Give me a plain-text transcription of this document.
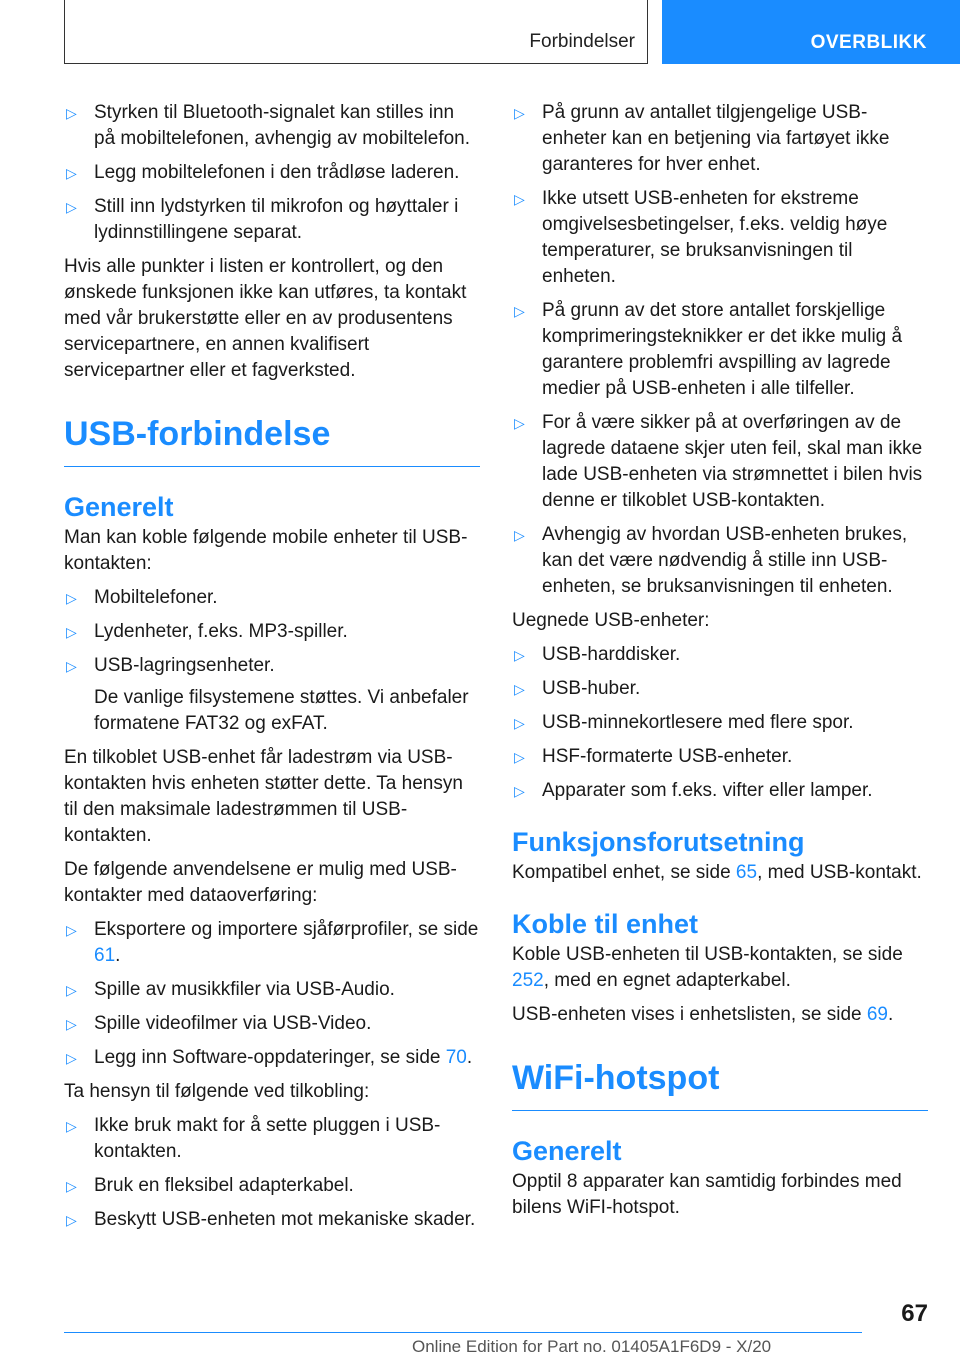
Forbindelser	OVERBLIKK
▷ Styrken til Bluetooth-signalet kan stilles inn på mobiltelefonen, avhengig av mobiltelefon.
▷ Legg mobiltelefonen i den trådløse laderen.
▷ Still inn lydstyrken til mikrofon og høyttaler i lydinnstillingene separat.

Hvis alle punkter i listen er kontrollert, og den ønskede funksjonen ikke kan utføres, ta kontakt med vår brukerstøtte eller en av produsentens servicepartnere, en annen kvalifisert servicepartner eller et fagverksted.

USB-forbindelse
Generelt

Man kan koble følgende mobile enheter til USB-kontakten:

▷ Mobiltelefoner.
▷ Lydenheter, f.eks. MP3-spiller.
▷ USB-lagringsenheter.
De vanlige filsystemene støttes. Vi anbefaler formatene FAT32 og exFAT.

En tilkoblet USB-enhet får ladestrøm via USB-kontakten hvis enheten støtter dette. Ta hensyn til den maksimale ladestrømmen til USB-kontakten.

De følgende anvendelsene er mulig med USB-kontakter med dataoverføring:

▷ Eksportere og importere sjåførprofiler, se side 61.
▷ Spille av musikkfiler via USB-Audio.
▷ Spille videofilmer via USB-Video.
▷ Legg inn Software-oppdateringer, se side 70.

Ta hensyn til følgende ved tilkobling:

▷ Ikke bruk makt for å sette pluggen i USB-kontakten.
▷ Bruk en fleksibel adapterkabel.
▷ Beskytt USB-enheten mot mekaniske skader.
▷ På grunn av antallet tilgjengelige USB-enheter kan en betjening via fartøyet ikke garanteres for hver enhet.
▷ Ikke utsett USB-enheten for ekstreme omgivelsesbetingelser, f.eks. veldig høye temperaturer, se bruksanvisningen til enheten.
▷ På grunn av det store antallet forskjellige komprimeringsteknikker er det ikke mulig å garantere problemfri avspilling av lagrede medier på USB-enheten i alle tilfeller.
▷ For å være sikker på at overføringen av de lagrede dataene skjer uten feil, skal man ikke lade USB-enheten via strømnettet i bilen hvis denne er tilkoblet USB-kontakten.
▷ Avhengig av hvordan USB-enheten brukes, kan det være nødvendig å stille inn USB-enheten, se bruksanvisningen til enheten.

Uegnede USB-enheter:

▷ USB-harddisker.
▷ USB-huber.
▷ USB-minnekortlesere med flere spor.
▷ HSF-formaterte USB-enheter.
▷ Apparater som f.eks. vifter eller lamper.
Funksjonsforutsetning

Kompatibel enhet, se side 65, med USB-kontakt.

Koble til enhet

Koble USB-enheten til USB-kontakten, se side 252, med en egnet adapterkabel.

USB-enheten vises i enhetslisten, se side 69.

WiFi-hotspot
Generelt

Opptil 8 apparater kan samtidig forbindes med bilens WiFI-hotspot.

67
Online Edition for Part no. 01405A1F6D9 - X/20
